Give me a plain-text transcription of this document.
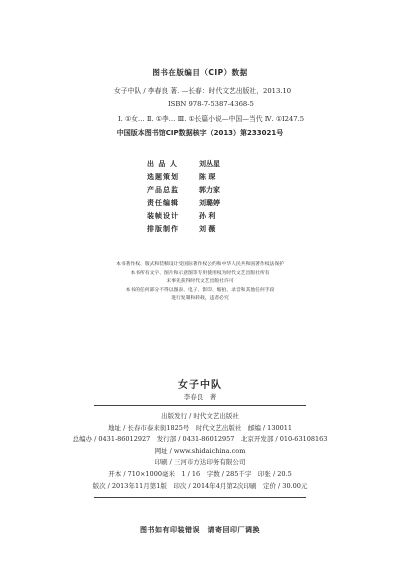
图书在版编目（CIP）数据
女子中队 / 李春良 著. —长春：时代文艺出版社，2013.10
ISBN 978-7-5387-4368-5
Ⅰ. ①女… Ⅱ. ①李… Ⅲ. ①长篇小说—中国—当代 Ⅳ. ①I247.5
中国版本图书馆CIP数据核字（2013）第233021号
出 品 人	刘丛星
选题策划	陈 琛
产品总监	郭力家
责任编辑	刘璐婷
装帧设计	孙 利
排版制作	刘 薇
本书著作权、版式和装帧设计受国际著作权公约和中华人民共和国著作权法保护
本书所有文字、图片和示意图等专用使用权为时代文艺出版社所有
未事先获得时代文艺出版社许可
本书的任何部分不得以图表、电子、影印、缩拍、录音和其他任何手段
进行复制和转载，违者必究
女子中队
李春良　著
出版发行 / 时代文艺出版社
地址 / 长春市泰来街1825号　时代文艺出版社　邮编 / 130011
总编办 / 0431-86012927　发行部 / 0431-86012957　北京开发部 / 010-63108163
网址 / www.shidaichina.com
印刷 / 三河市方达印务有限公司
开本 / 710×1000毫米　1 / 16　字数 / 285千字　印张 / 20.5
版次 / 2013年11月第1版　印次 / 2014年4月第2次印刷　定价 / 30.00元
图书如有印装错误　请寄回印厂调换
